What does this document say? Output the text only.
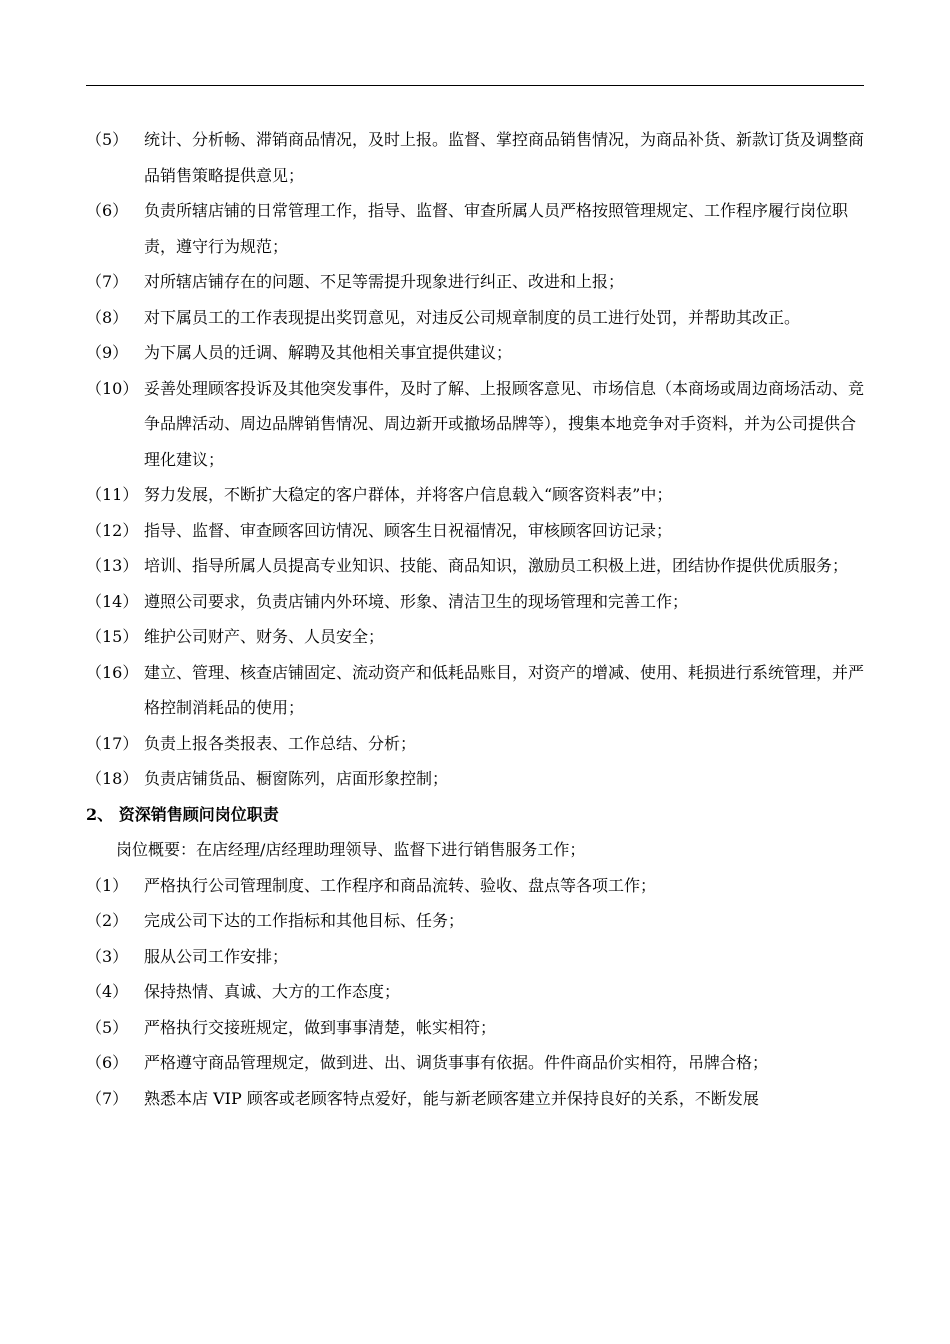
（5） 统计、分析畅、滞销商品情况，及时上报。监督、掌控商品销售情况，为商品补货、新款订货及调整商品销售策略提供意见；
（6） 负责所辖店铺的日常管理工作，指导、监督、审查所属人员严格按照管理规定、工作程序履行岗位职责，遵守行为规范；
（7） 对所辖店铺存在的问题、不足等需提升现象进行纠正、改进和上报；
（8） 对下属员工的工作表现提出奖罚意见，对违反公司规章制度的员工进行处罚，并帮助其改正。
（9） 为下属人员的迁调、解聘及其他相关事宜提供建议；
（10） 妥善处理顾客投诉及其他突发事件，及时了解、上报顾客意见、市场信息（本商场或周边商场活动、竞争品牌活动、周边品牌销售情况、周边新开或撤场品牌等），搜集本地竞争对手资料，并为公司提供合理化建议；
（11） 努力发展，不断扩大稳定的客户群体，并将客户信息载入“顾客资料表”中；
（12） 指导、监督、审查顾客回访情况、顾客生日祝福情况，审核顾客回访记录；
（13） 培训、指导所属人员提高专业知识、技能、商品知识，激励员工积极上进，团结协作提供优质服务；
（14） 遵照公司要求，负责店铺内外环境、形象、清洁卫生的现场管理和完善工作；
（15） 维护公司财产、财务、人员安全；
（16） 建立、管理、核查店铺固定、流动资产和低耗品账目，对资产的增减、使用、耗损进行系统管理，并严格控制消耗品的使用；
（17） 负责上报各类报表、工作总结、分析；
（18） 负责店铺货品、橱窗陈列，店面形象控制；
2、 资深销售顾问岗位职责
岗位概要：在店经理/店经理助理领导、监督下进行销售服务工作；
（1） 严格执行公司管理制度、工作程序和商品流转、验收、盘点等各项工作；
（2） 完成公司下达的工作指标和其他目标、任务；
（3） 服从公司工作安排；
（4） 保持热情、真诚、大方的工作态度；
（5） 严格执行交接班规定，做到事事清楚，帐实相符；
（6） 严格遵守商品管理规定，做到进、出、调货事事有依据。件件商品价实相符，吊牌合格；
（7） 熟悉本店 VIP 顾客或老顾客特点爱好，能与新老顾客建立并保持良好的关系，不断发展
